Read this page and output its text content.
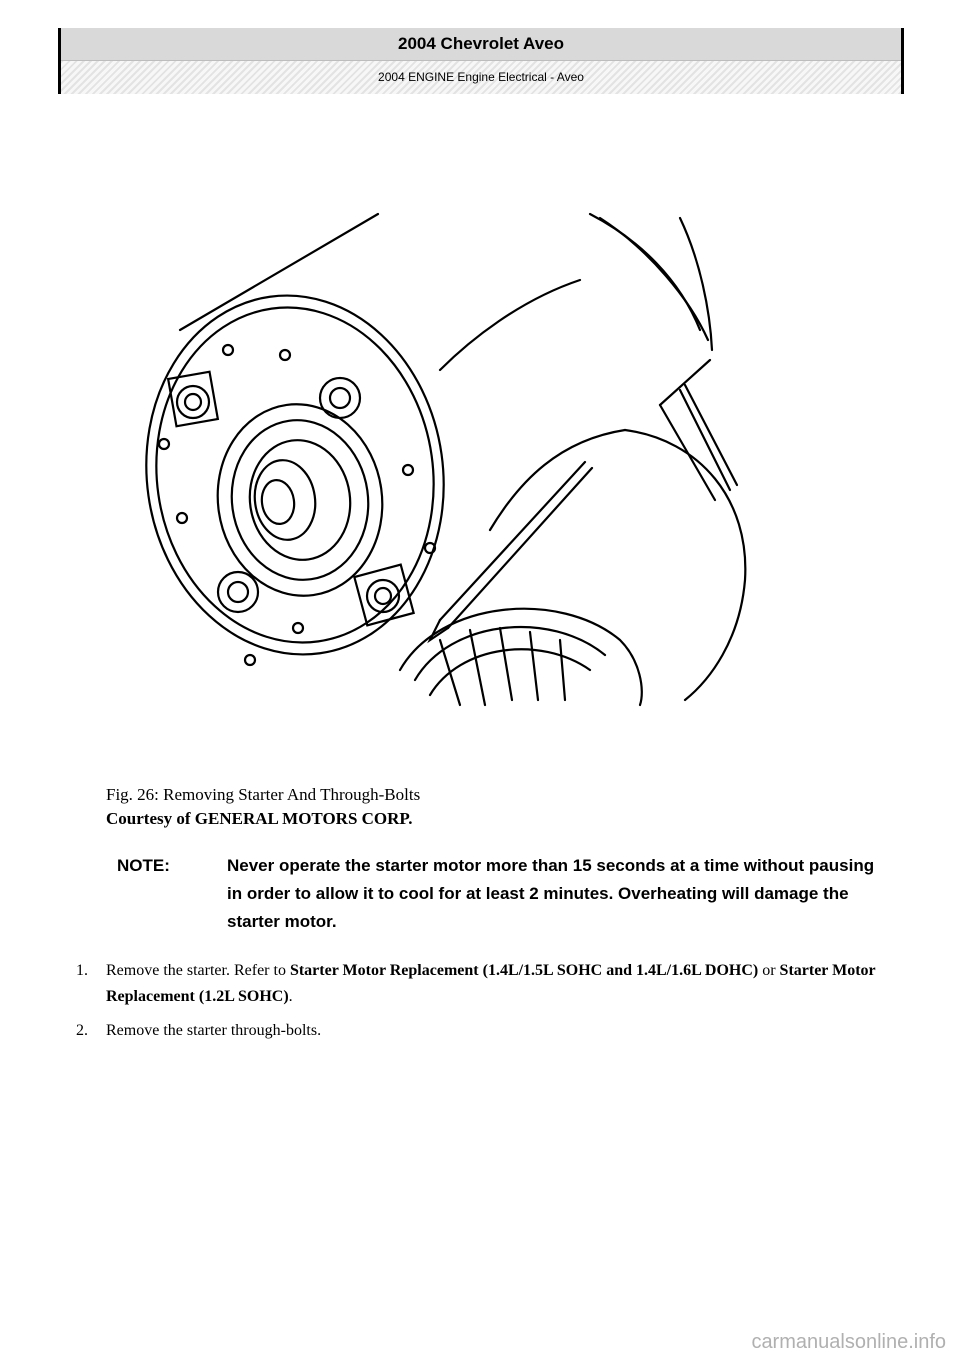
2004 Chevrolet Aveo
2004 ENGINE Engine Electrical - Aveo
Fig. 26: Removing Starter And Through-Bolts
Courtesy of GENERAL MOTORS CORP.
NOTE:	Never operate the starter motor more than 15 seconds at a time without pausing in order to allow it to cool for at least 2 minutes. Overheating will damage the starter motor.
1.	Remove the starter. Refer to Starter Motor Replacement (1.4L/1.5L SOHC and 1.4L/1.6L DOHC) or Starter Motor Replacement (1.2L SOHC).
2.	Remove the starter through-bolts.
carmanualsonline.info
